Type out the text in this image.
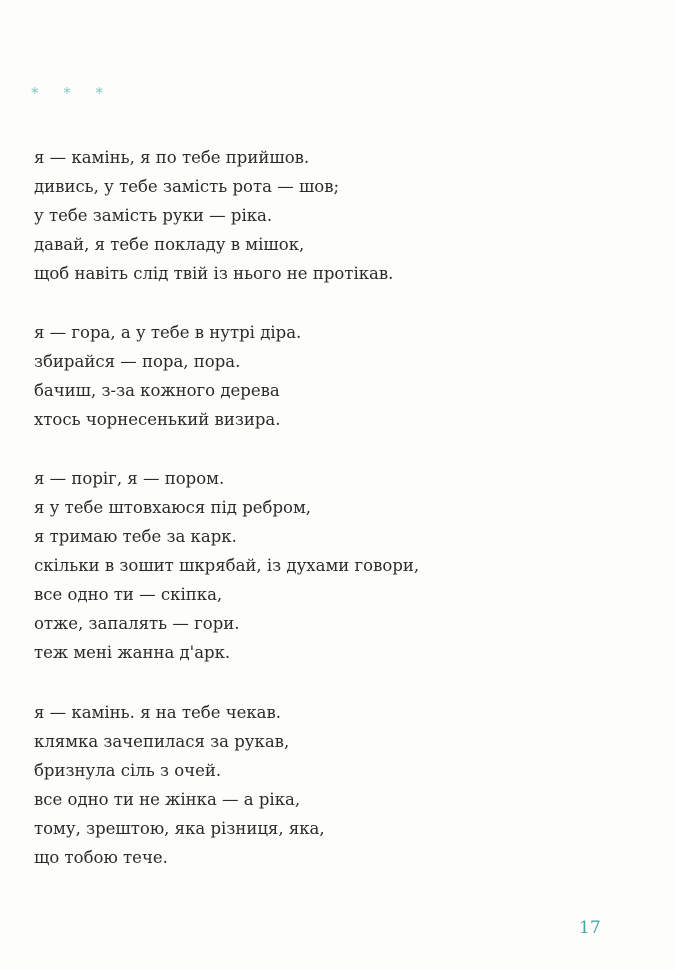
* * *
я — камінь, я по тебе прийшов.
дивись, у тебе замість рота — шов;
у тебе замість руки — ріка.
давай, я тебе покладу в мішок,
щоб навіть слід твій із нього не протікав.
я — гора, а у тебе в нутрі діра.
збирайся — пора, пора.
бачиш, з-за кожного дерева
хтось чорнесенький визира.
я — поріг, я — пором.
я у тебе штовхаюся під ребром,
я тримаю тебе за карк.
скільки в зошит шкрябай, із духами говори,
все одно ти — скіпка,
отже, запалять — гори.
теж мені жанна д'арк.
я — камінь. я на тебе чекав.
клямка зачепилася за рукав,
бризнула сіль з очей.
все одно ти не жінка — а ріка,
тому, зрештою, яка різниця, яка,
що тобою тече.
17
